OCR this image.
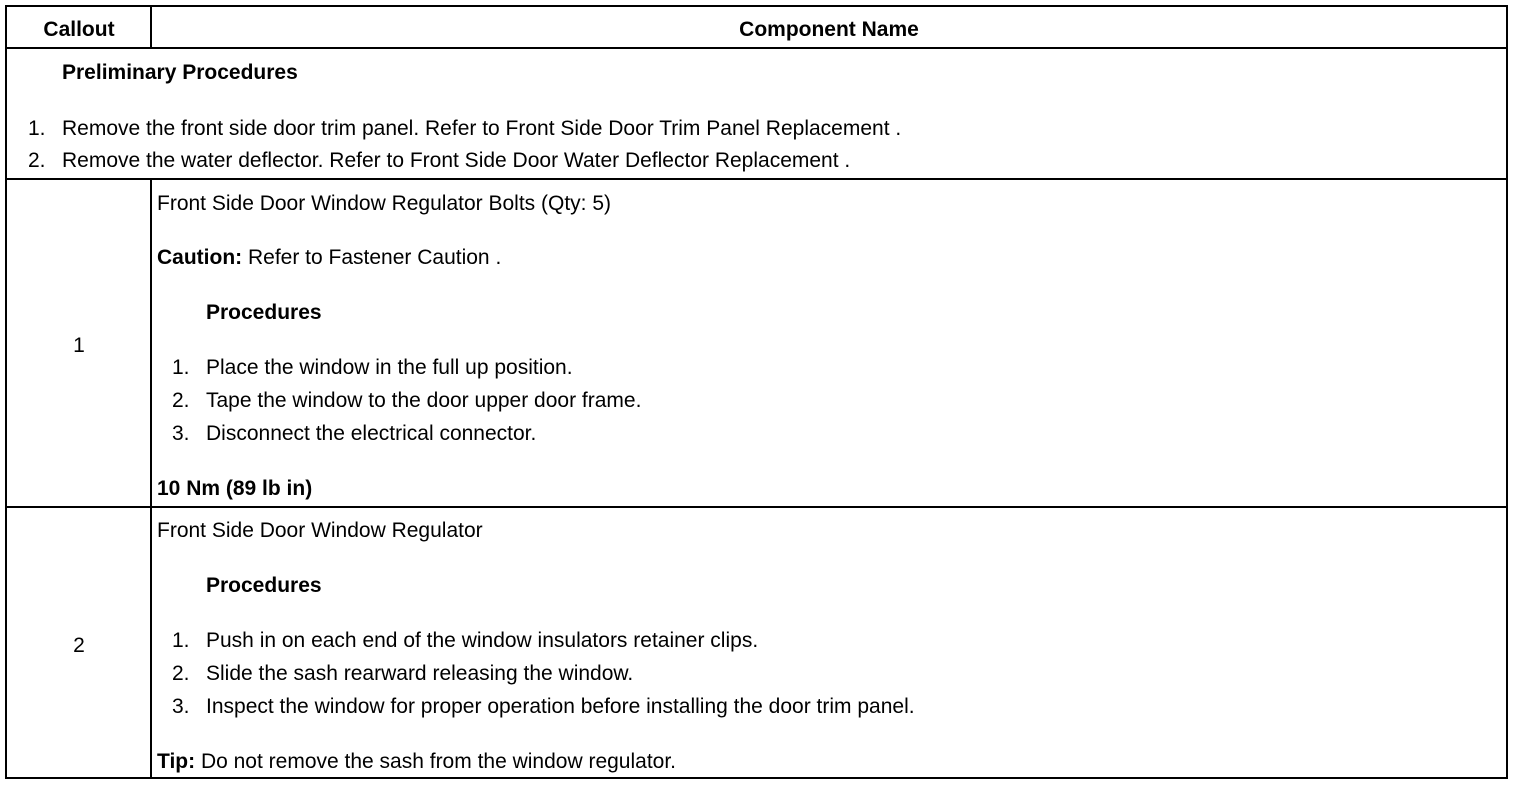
Callout	Component Name
Preliminary Procedures
1. Remove the front side door trim panel. Refer to Front Side Door Trim Panel Replacement .
2. Remove the water deflector. Refer to Front Side Door Water Deflector Replacement .
1
Front Side Door Window Regulator Bolts (Qty: 5)
Caution: Refer to Fastener Caution .
Procedures
1. Place the window in the full up position.
2. Tape the window to the door upper door frame.
3. Disconnect the electrical connector.
10 Nm (89 lb in)
2
Front Side Door Window Regulator
Procedures
1. Push in on each end of the window insulators retainer clips.
2. Slide the sash rearward releasing the window.
3. Inspect the window for proper operation before installing the door trim panel.
Tip: Do not remove the sash from the window regulator.
